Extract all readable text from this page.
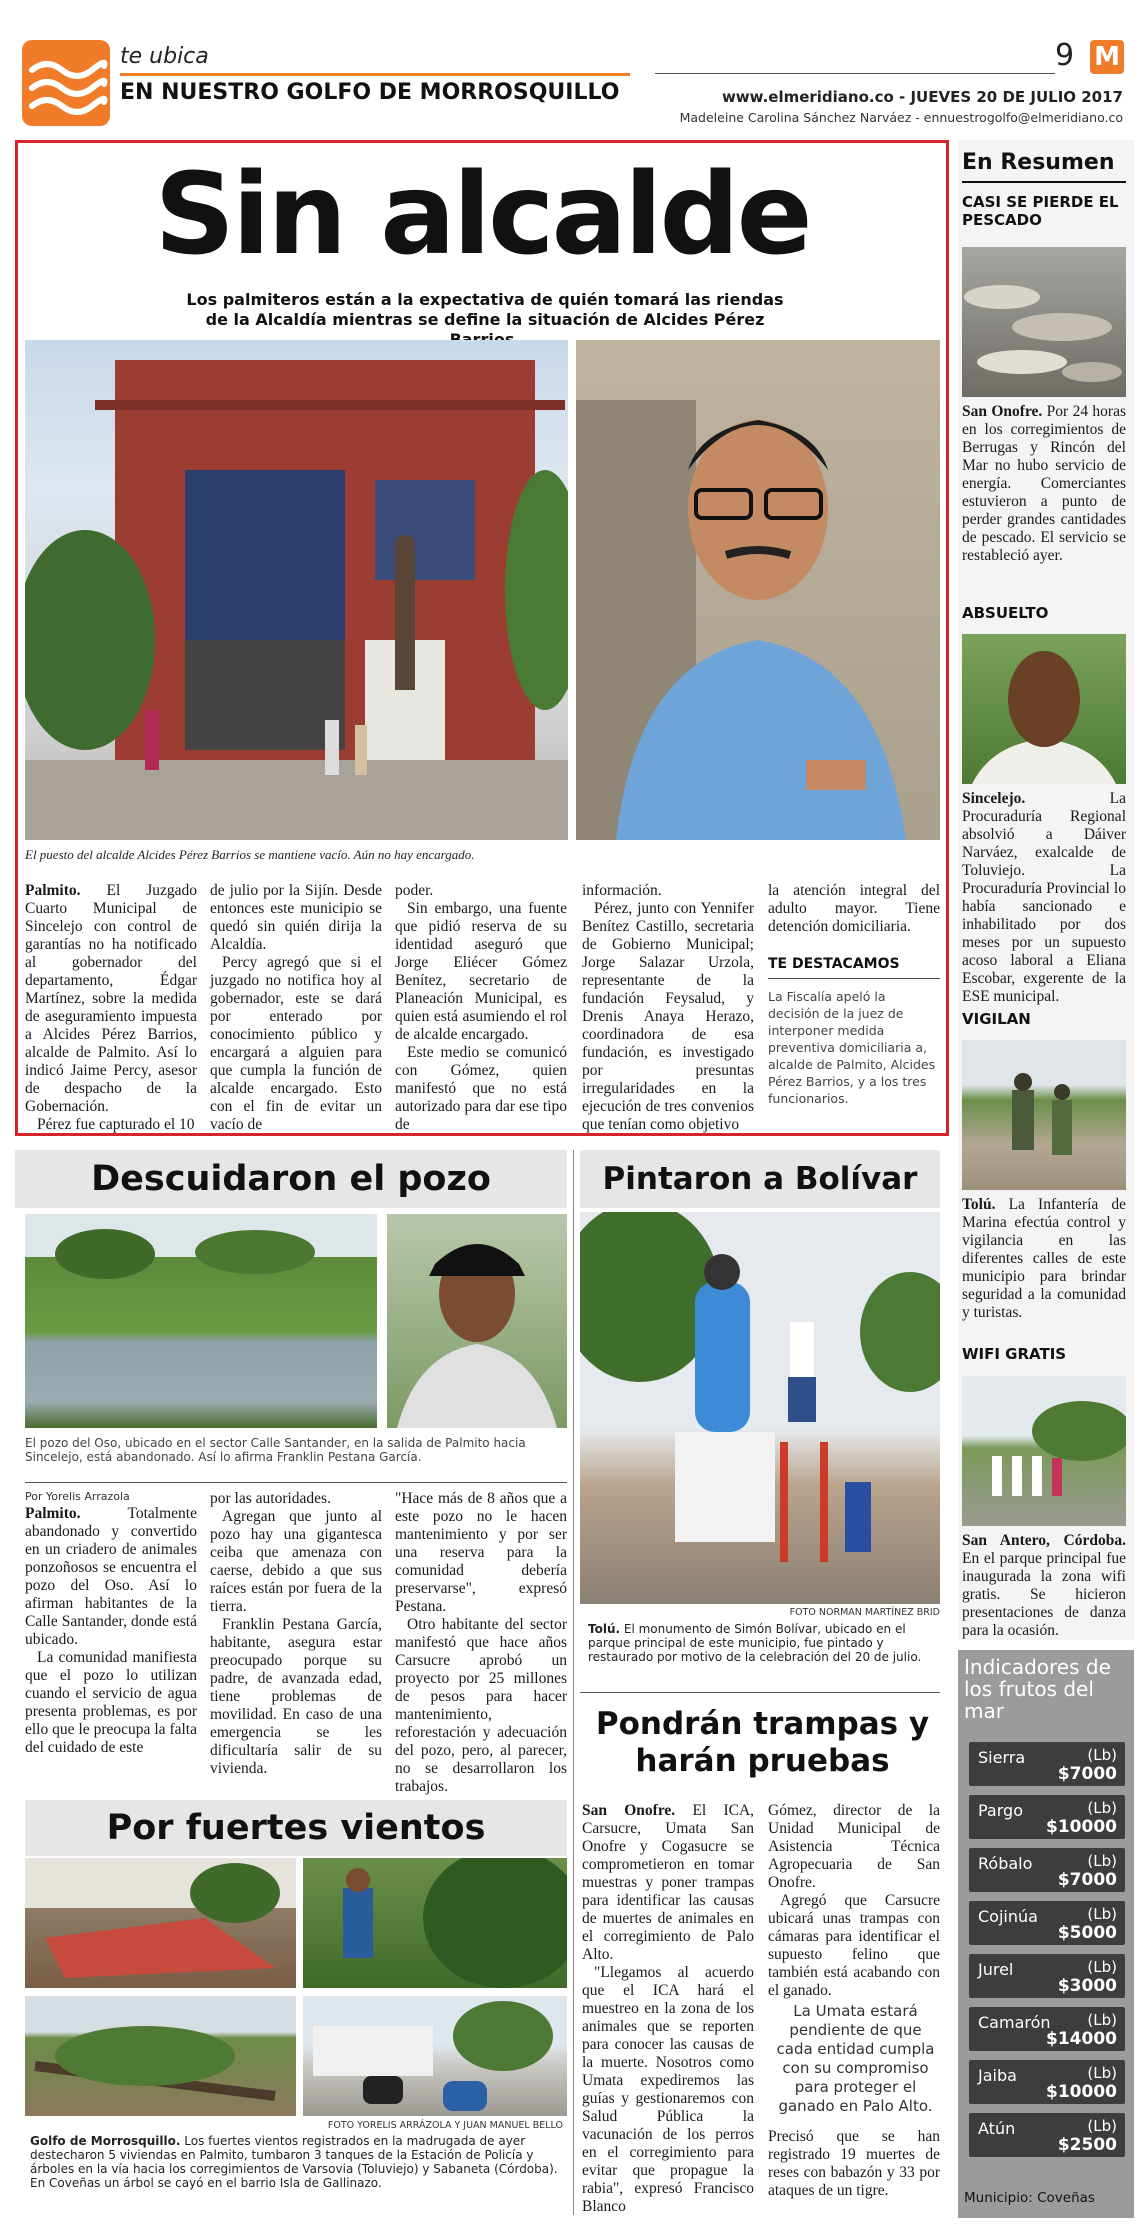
te ubica
EN NUESTRO GOLFO DE MORROSQUILLO
9 M
www.elmeridiano.co - JUEVES 20 DE JULIO 2017
Madeleine Carolina Sánchez Narváez - ennuestrogolfo@elmeridiano.co
Sin alcalde
Los palmiteros están a la expectativa de quién tomará las riendas de la Alcaldía mientras se define la situación de Alcides Pérez
El puesto del alcalde Alcides Pérez Barrios se mantiene vacío. Aún no hay encargado.

Palmito. El Juzgado Cuarto Municipal de Sincelejo con control de garantías no ha notificado al gobernador del departamento, Édgar Martínez, sobre la medida de aseguramiento impuesta a Alcides Pérez Barrios, alcalde de Palmito. Así lo indicó Jaime Percy, asesor de despacho de la Gobernación.

Pérez fue capturado el 10

de julio por la Sijín. Desde entonces este municipio se quedó sin quién dirija la Alcaldía.

Percy agregó que si el juzgado no notifica hoy al gobernador, este se dará por enterado por conocimiento público y encargará a alguien para que cumpla la función de alcalde encargado. Esto con el fin de evitar un vacío de

poder.

Sin embargo, una fuente que pidió reserva de su identidad aseguró que Jorge Eliécer Gómez Benítez, secretario de Planeación Municipal, es quien está asumiendo el rol de alcalde encargado.

Este medio se comunicó con Gómez, quien manifestó que no está autorizado para dar ese tipo de

información.

Pérez, junto con Yennifer Benítez Castillo, secretaria de Gobierno Municipal; Jorge Salazar Urzola, representante de la fundación Feysalud, y Drenis Anaya Herazo, coordinadora de esa fundación, es investigado por presuntas irregularidades en la ejecución de tres convenios que tenían como objetivo

la atención integral del adulto mayor. Tiene detención domiciliaria.

TE DESTACAMOS
La Fiscalía apeló la decisión de la juez de interponer medida preventiva domiciliaria a, alcalde de Palmito, Alcides Pérez Barrios, y a los tres funcionarios.
Descuidaron el pozo
El pozo del Oso, ubicado en el sector Calle Santander, en la salida de Palmito hacia Sincelejo, está abandonado. Así lo afirma Franklin Pestana García.
Por Yorelis Arrazola

Palmito.	Totalmente abandonado y convertido en un criadero de animales ponzoñosos se encuentra el pozo del Oso. Así lo afirman habitantes de la Calle Santander, donde está ubicado.

La comunidad manifiesta que el pozo lo utilizan cuando el servicio de agua presenta problemas, es por ello que le preocupa la falta del cuidado de este

por las autoridades.

Agregan que junto al pozo hay una gigantesca ceiba que amenaza con caerse, debido a que sus raíces están por fuera de la tierra.

Franklin Pestana García, habitante, asegura estar preocupado porque su padre, de avanzada edad, tiene problemas de movilidad. En caso de una emergencia se les dificultaría salir de su vivienda.

"Hace más de 8 años que a este pozo no le hacen mantenimiento y por ser una reserva para la comunidad debería preservarse", expresó Pestana.

Otro habitante del sector manifestó que hace años Carsucre aprobó un proyecto por 25 millones de pesos para hacer mantenimiento, reforestación y adecuación del pozo, pero, al parecer, no se desarrollaron los trabajos.

Pintaron a Bolívar
FOTO NORMAN MARTÍNEZ BRID
Tolú. El monumento de Simón Bolívar, ubicado en el parque principal de este municipio, fue pintado y restaurado por motivo de la celebración del 20 de julio.
Por fuertes vientos
FOTO YORELIS ARRÁZOLA Y JUAN MANUEL BELLO
Golfo de Morrosquillo. Los fuertes vientos registrados en la madrugada de ayer destecharon 5 viviendas en Palmito, tumbaron 3 tanques de la Estación de Policía y árboles en la vía hacia los corregimientos de Varsovia (Toluviejo) y Sabaneta (Córdoba). En Coveñas un árbol se cayó en el barrio Isla de Gallinazo.
Pondrán trampas y harán pruebas

San Onofre. El ICA, Carsucre, Umata San Onofre y Cogasucre se comprometieron en tomar muestras y poner trampas para identificar las causas de muertes de animales en el corregimiento de Palo Alto.

"Llegamos al acuerdo que el ICA hará el muestreo en la zona de los animales que se reporten para conocer las causas de la muerte. Nosotros como Umata expediremos las guías y gestionaremos con Salud Pública la vacunación de los perros en el corregimiento para evitar que propague la rabia", expresó Francisco Blanco

Gómez, director de la Unidad Municipal de Asistencia Técnica Agropecuaria de San Onofre.

Agregó que Carsucre ubicará unas trampas con cámaras para identificar el supuesto felino que también está acabando con el ganado.

La Umata estará pendiente de que cada entidad cumpla con su compromiso para proteger el ganado en Palo Alto.

Precisó que se han registrado 19 muertes de reses con babazón y 33 por ataques de un tigre.

En Resumen
CASI SE PIERDE EL PESCADO
San Onofre. Por 24 horas en los corregimientos de Berrugas y Rincón del Mar no hubo servicio de energía. Comerciantes estuvieron a punto de perder grandes cantidades de pescado. El servicio se restableció ayer.
ABSUELTO
Sincelejo.	La Procuraduría Regional absolvió a Dáiver Narváez, exalcalde de Toluviejo. La Procuraduría Provincial lo había sancionado e inhabilitado por dos meses por un supuesto acoso laboral a Eliana Escobar, exgerente de la ESE municipal.
VIGILAN
Tolú. La Infantería de Marina efectúa control y vigilancia en las diferentes calles de este municipio para brindar seguridad a la comunidad y turistas.
WIFI GRATIS
San Antero, Córdoba. En el parque principal fue inaugurada la zona wifi gratis. Se hicieron presentaciones de danza para la ocasión.
Indicadores de los frutos del mar
Sierra	(Lb)
$7000
Pargo	(Lb)
$10000
Róbalo	(Lb)
$7000
Cojinúa	(Lb)
$5000
Jurel	(Lb)
$3000
Camarón (Lb)
$14000
Jaiba	(Lb)
$10000
Atún	(Lb)
$2500
Municipio: Coveñas
